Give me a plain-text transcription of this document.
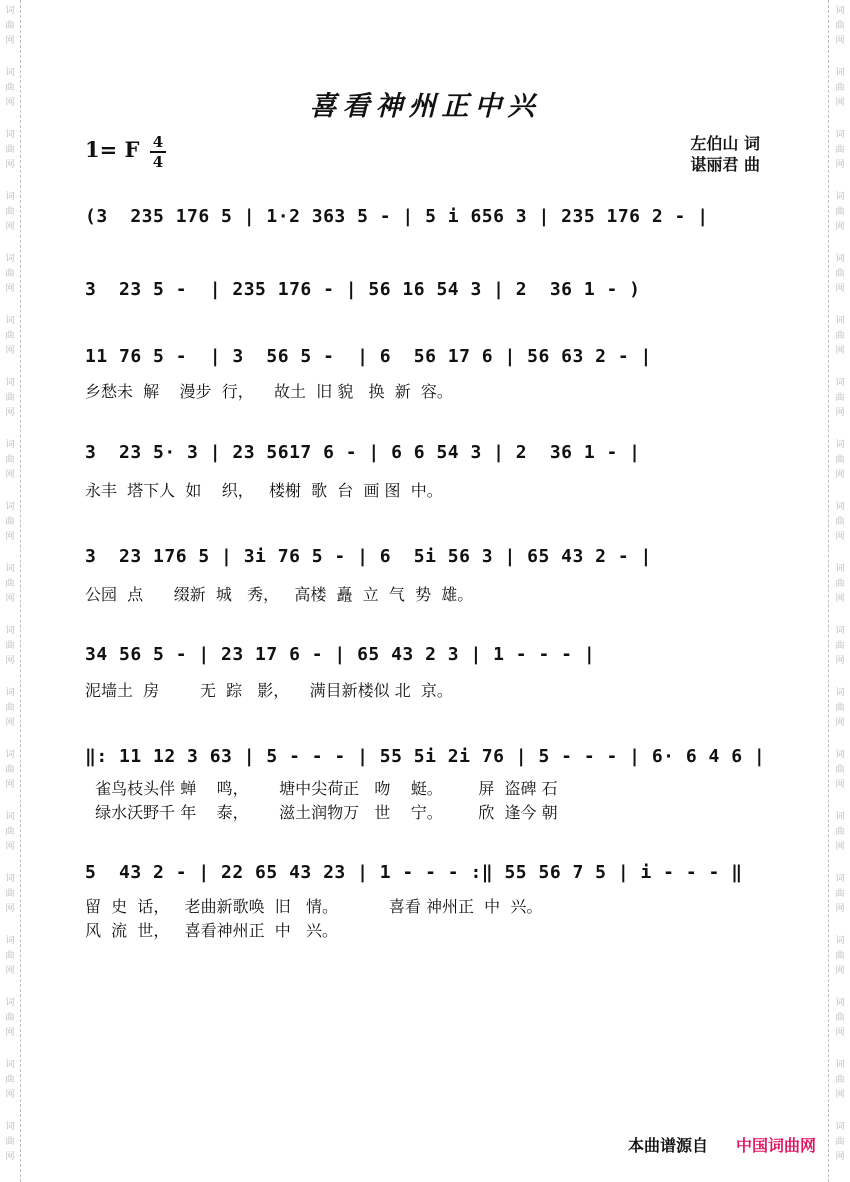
词
曲
网
词
曲
网
词
曲
网
词
曲
网
词
曲
网
词
曲
网
词
曲
网
词
曲
网
词
曲
网
词
曲
网
词
曲
网
词
曲
网
词
曲
网
词
曲
网
词
曲
网
词
曲
网
词
曲
网
词
曲
网
词
曲
网
词
曲
网
词
曲
网
词
曲
网
词
曲
网
词
曲
网
词
曲
网
词
曲
网
词
曲
网
词
曲
网
词
曲
网
词
曲
网
词
曲
网
词
曲
网
词
曲
网
词
曲
网
词
曲
网
词
曲
网
词
曲
网
词
曲
网
喜看神州正中兴
1= F 4
4
左伯山 词
谌丽君 曲
(3  235 176 5 | 1·2 363 5 - | 5 i 656 3 | 235 176 2 - |
3  23 5 -  | 235 176 - | 56 16 54 3 | 2  36 1 - )
11 76 5 -  | 3  56 5 -  | 6  56 17 6 | 56 63 2 - |
乡愁未  解    漫步  行，    故土  旧 貌   换  新  容。
3  23 5· 3 | 23 5617 6 - | 6 6 54 3 | 2  36 1 - |
永丰  塔下人  如    织，   楼榭  歌  台  画 图  中。
3  23 176 5 | 3i 76 5 - | 6  5i 56 3 | 65 43 2 - |
公园  点      缀新  城   秀，   高楼  矗  立  气  势  雄。
34 56 5 - | 23 17 6 - | 65 43 2 3 | 1 - - - |
泥墙土  房        无  踪   影，    满目新楼似 北  京。
‖: 11 12 3 63 | 5 - - - | 55 5i 2i 76 | 5 - - - | 6· 6 4 6 |
雀鸟枝头伴 蝉    鸣，      塘中尖荷正   吻    蜓。       屏  盗碑 石
绿水沃野千 年    泰，      滋土润物万   世    宁。       欣  逢今 朝
5  43 2 - | 22 65 43 23 | 1 - - - :‖ 55 56 7 5 | i - - - ‖
留  史  话，   老曲新歌唤  旧   情。          喜看 神州正  中  兴。
风  流  世，   喜看神州正  中   兴。
本曲谱源自 中国词曲网
